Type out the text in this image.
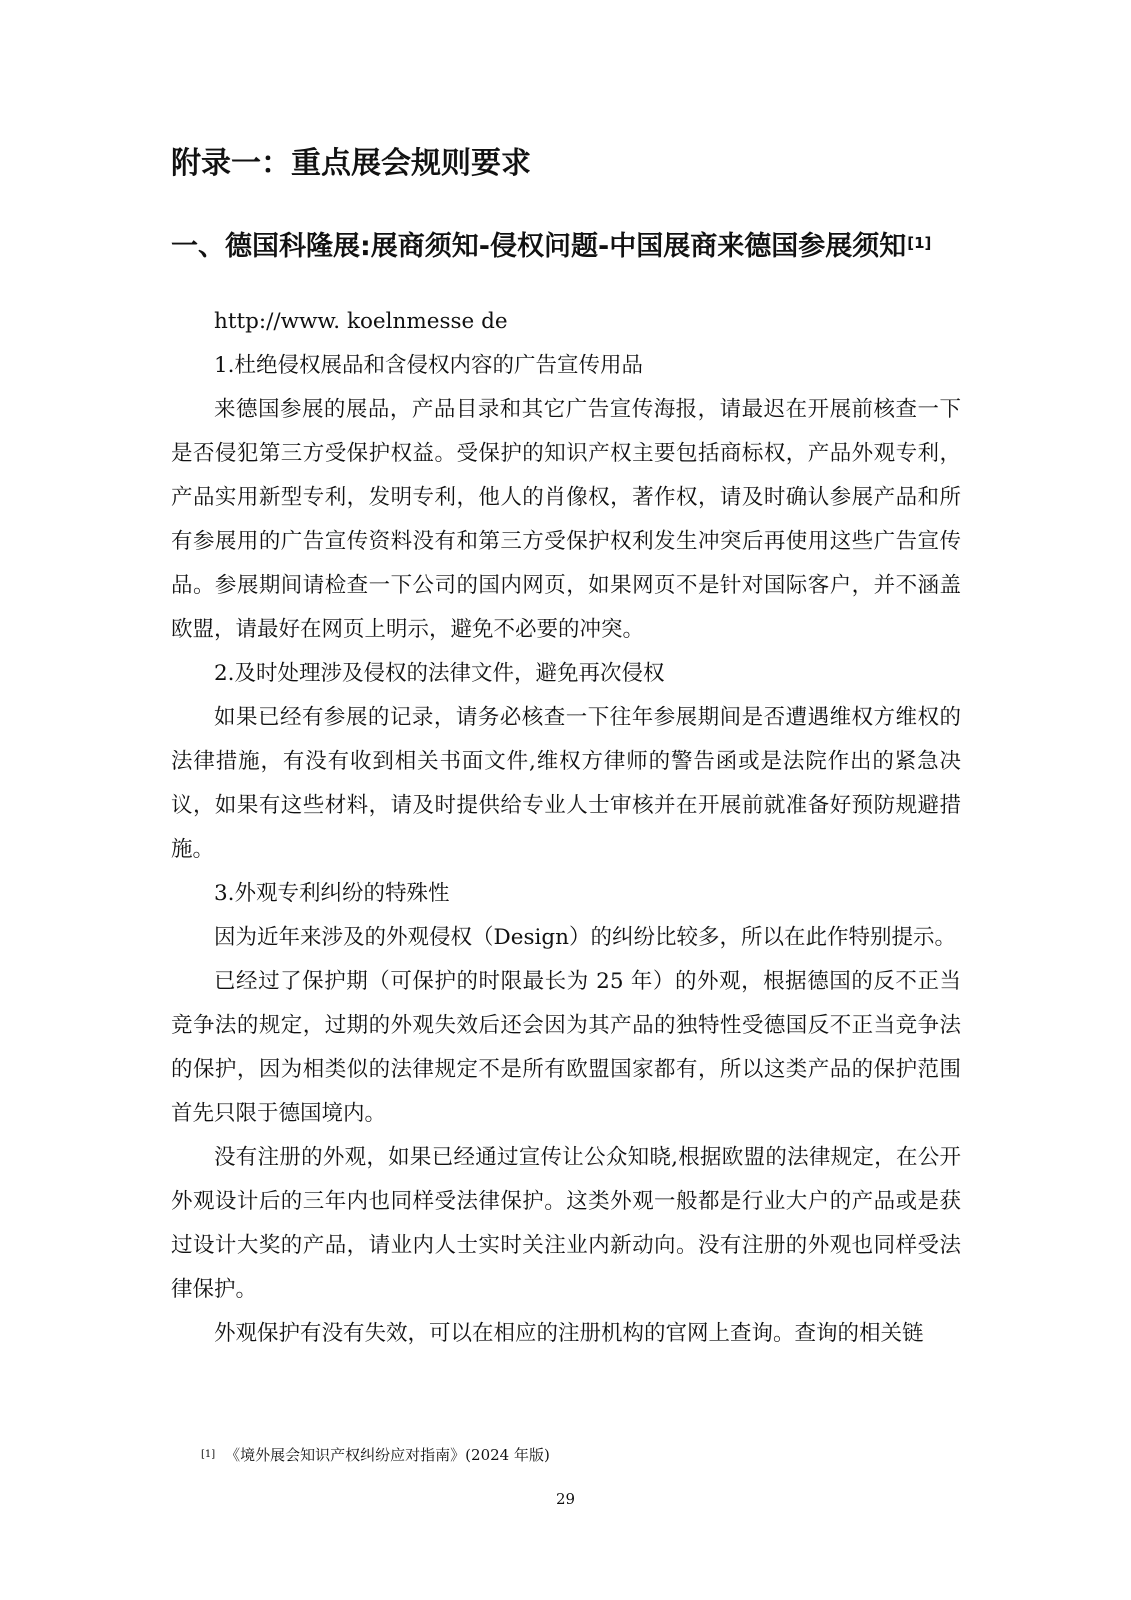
附录一：重点展会规则要求
一、德国科隆展:展商须知-侵权问题-中国展商来德国参展须知[1]

http://www. koelnmesse de

1.杜绝侵权展品和含侵权内容的广告宣传用品

来德国参展的展品，产品目录和其它广告宣传海报，请最迟在开展前核查一下是否侵犯第三方受保护权益。受保护的知识产权主要包括商标权，产品外观专利，产品实用新型专利，发明专利，他人的肖像权，著作权，请及时确认参展产品和所有参展用的广告宣传资料没有和第三方受保护权利发生冲突后再使用这些广告宣传品。参展期间请检查一下公司的国内网页，如果网页不是针对国际客户，并不涵盖欧盟，请最好在网页上明示，避免不必要的冲突。

2.及时处理涉及侵权的法律文件，避免再次侵权

如果已经有参展的记录，请务必核查一下往年参展期间是否遭遇维权方维权的法律措施，有没有收到相关书面文件,维权方律师的警告函或是法院作出的紧急决议，如果有这些材料，请及时提供给专业人士审核并在开展前就准备好预防规避措施。

3.外观专利纠纷的特殊性

因为近年来涉及的外观侵权（Design）的纠纷比较多，所以在此作特别提示。

已经过了保护期（可保护的时限最长为 25 年）的外观，根据德国的反不正当竞争法的规定，过期的外观失效后还会因为其产品的独特性受德国反不正当竞争法的保护，因为相类似的法律规定不是所有欧盟国家都有，所以这类产品的保护范围首先只限于德国境内。

没有注册的外观，如果已经通过宣传让公众知晓,根据欧盟的法律规定，在公开外观设计后的三年内也同样受法律保护。这类外观一般都是行业大户的产品或是获过设计大奖的产品，请业内人士实时关注业内新动向。没有注册的外观也同样受法律保护。

外观保护有没有失效，可以在相应的注册机构的官网上查询。查询的相关链

[1] 《境外展会知识产权纠纷应对指南》(2024 年版)
29
